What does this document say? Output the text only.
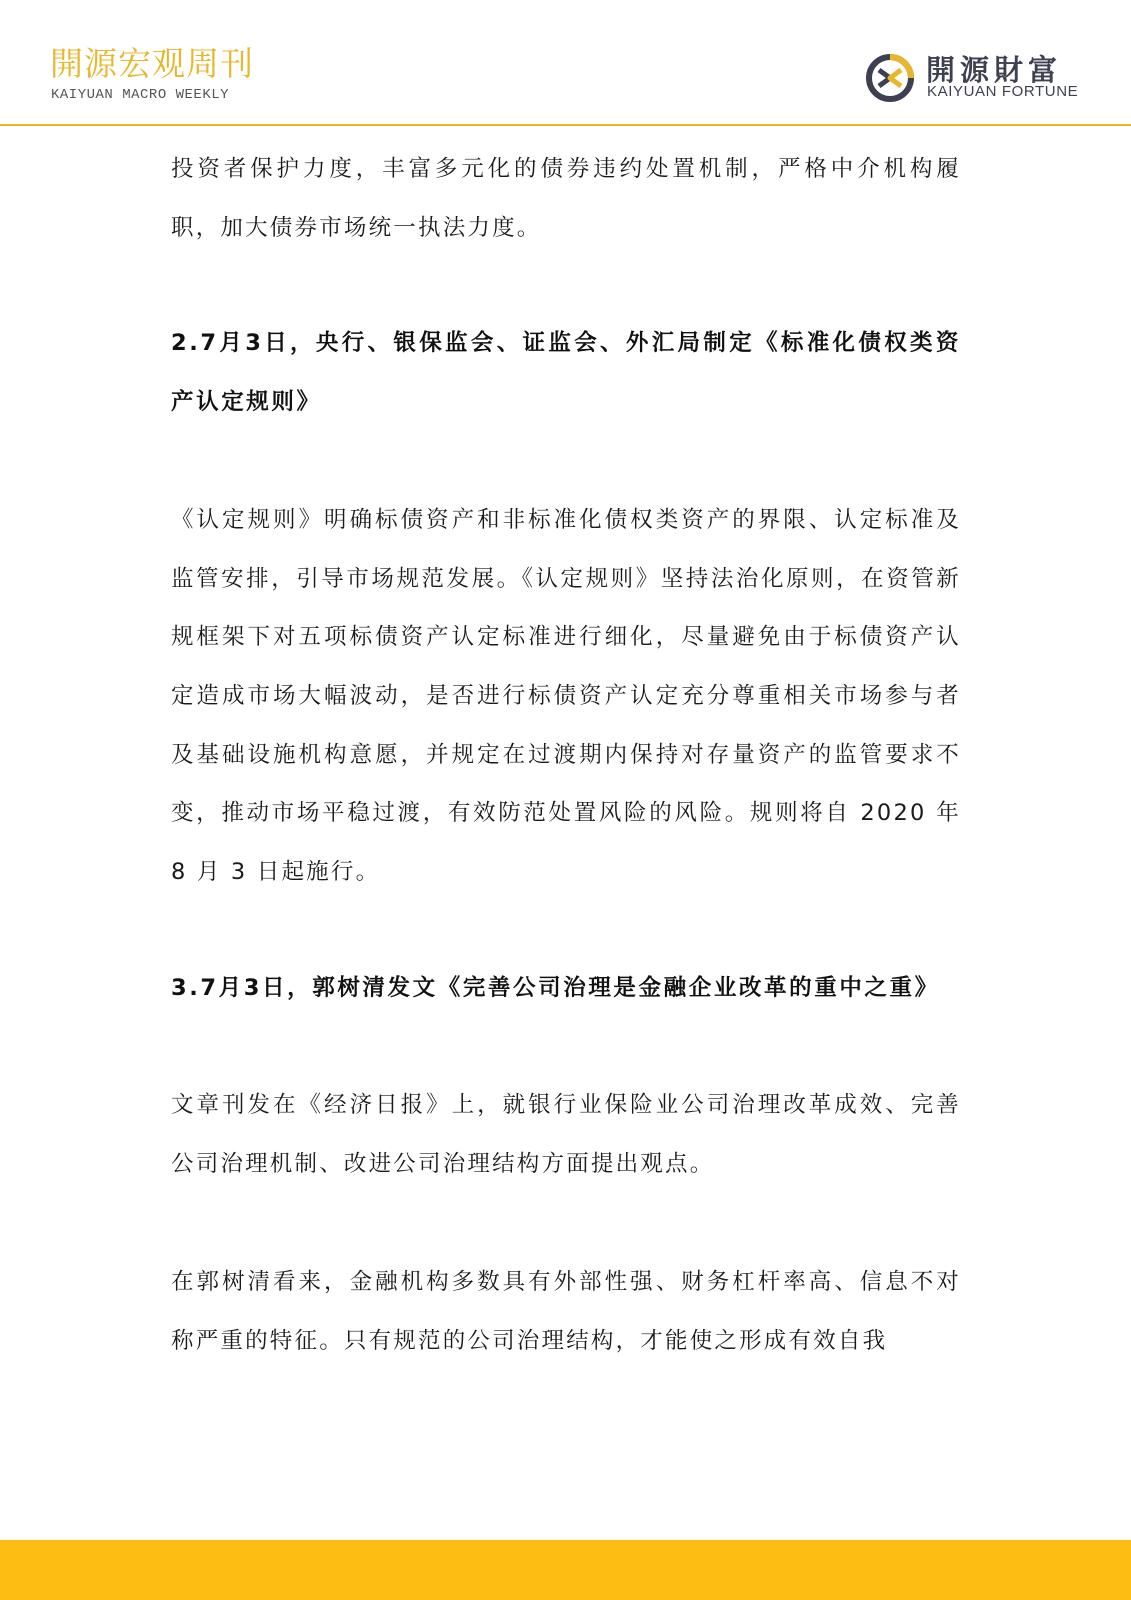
開源宏观周刊
KAIYUAN MACRO WEEKLY
開源財富
KAIYUAN FORTUNE

投资者保护力度，丰富多元化的债券违约处置机制，严格中介机构履职，加大债券市场统一执法力度。

2.7月3日，央行、银保监会、证监会、外汇局制定《标准化债权类资产认定规则》

《认定规则》明确标债资产和非标准化债权类资产的界限、认定标准及监管安排，引导市场规范发展。《认定规则》坚持法治化原则，在资管新规框架下对五项标债资产认定标准进行细化，尽量避免由于标债资产认定造成市场大幅波动，是否进行标债资产认定充分尊重相关市场参与者及基础设施机构意愿，并规定在过渡期内保持对存量资产的监管要求不变，推动市场平稳过渡，有效防范处置风险的风险。规则将自 2020 年 8 月 3 日起施行。

3.7月3日，郭树清发文《完善公司治理是金融企业改革的重中之重》

文章刊发在《经济日报》上，就银行业保险业公司治理改革成效、完善公司治理机制、改进公司治理结构方面提出观点。

在郭树清看来，金融机构多数具有外部性强、财务杠杆率高、信息不对称严重的特征。只有规范的公司治理结构，才能使之形成有效自我
